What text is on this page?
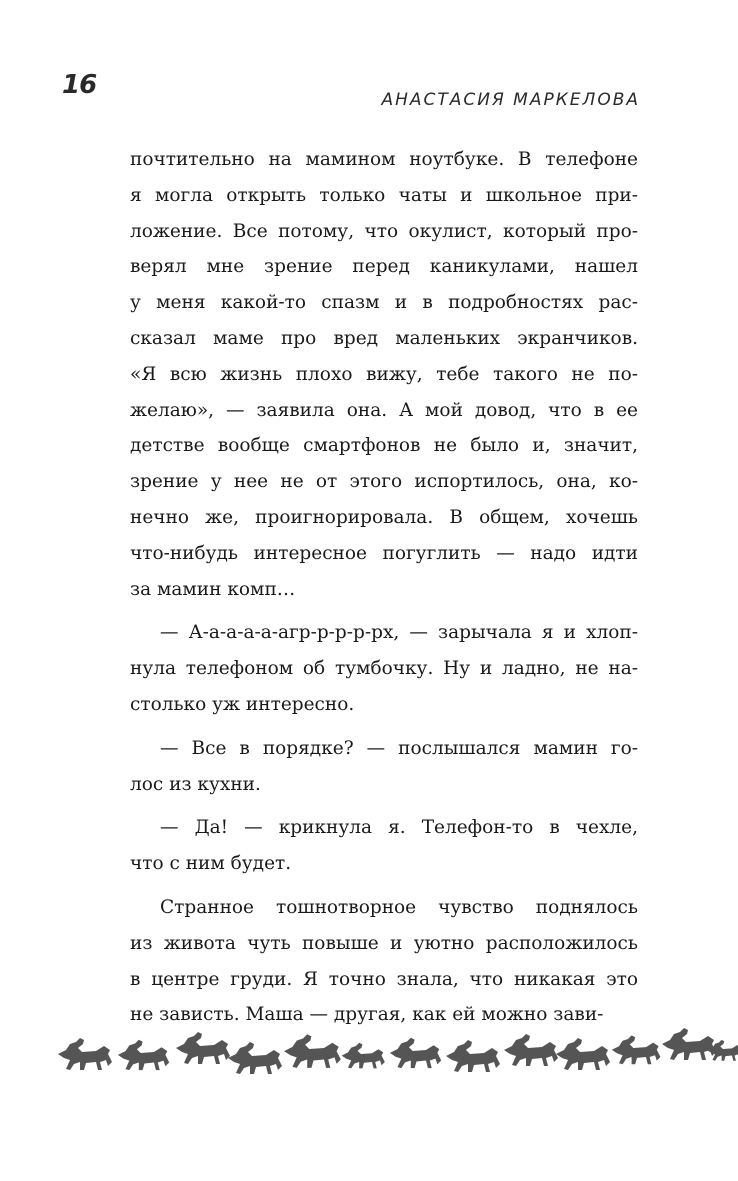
16	АНАСТАСИЯ МАРКЕЛОВА
почтительно на мамином ноутбуке. В телефоне
я могла открыть только чаты и школьное при-
ложение. Все потому, что окулист, который про-
верял мне зрение перед каникулами, нашел
у меня какой-то спазм и в подробностях рас-
сказал маме про вред маленьких экранчиков.
«Я всю жизнь плохо вижу, тебе такого не по-
желаю», — заявила она. А мой довод, что в ее
детстве вообще смартфонов не было и, значит,
зрение у нее не от этого испортилось, она, ко-
нечно же, проигнорировала. В общем, хочешь
что-нибудь интересное погуглить — надо идти
за мамин комп…
— А-а-а-а-а-агр-р-р-р-рх, — зарычала я и хлоп-
нула телефоном об тумбочку. Ну и ладно, не на-
столько уж интересно.
— Все в порядке? — послышался мамин го-
лос из кухни.
— Да! — крикнула я. Телефон-то в чехле,
что с ним будет.
Странное тошнотворное чувство поднялось
из живота чуть повыше и уютно расположилось
в центре груди. Я точно знала, что никакая это
не зависть. Маша — другая, как ей можно зави-
